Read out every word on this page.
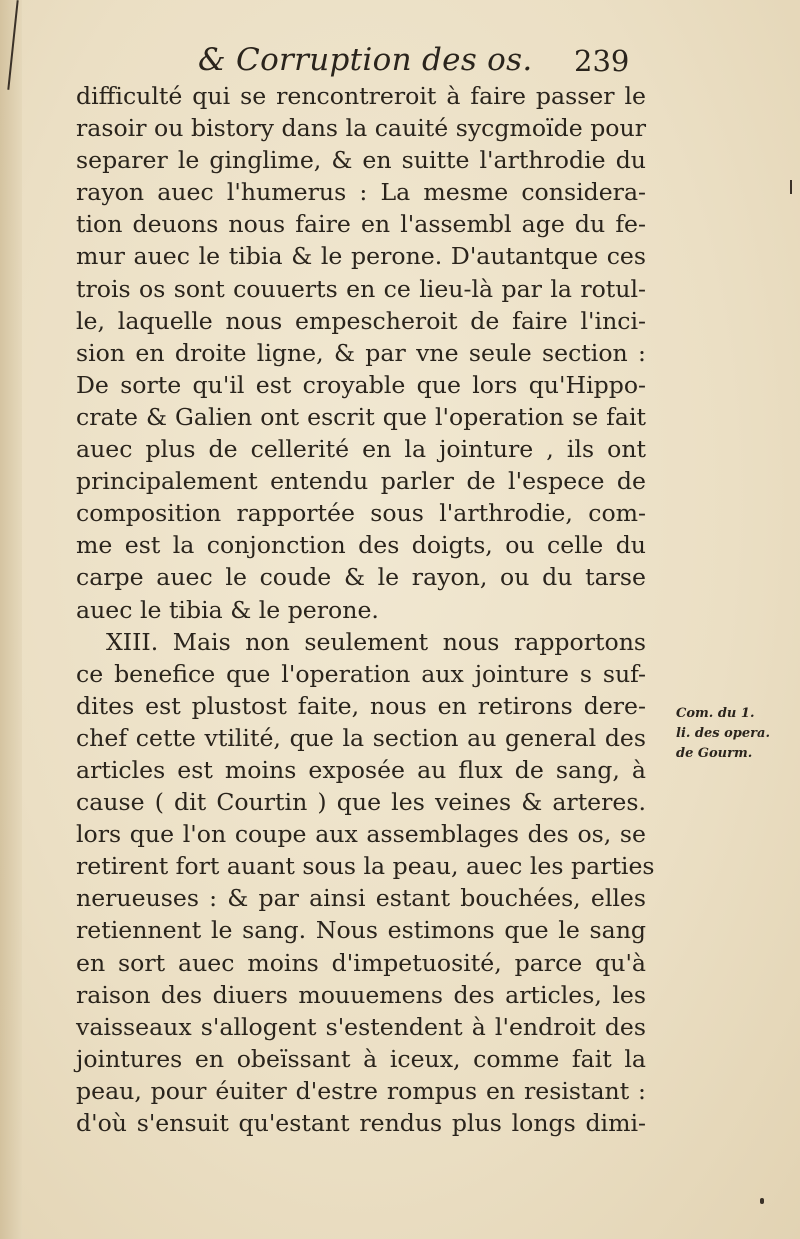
& Corruption des os. 239
difficulté qui se rencontreroit à faire passer le
rasoir ou bistory dans la cauité sycgmoïde pour
separer le ginglime, & en suitte l'arthrodie du
rayon auec l'humerus : La mesme considera-
tion deuons nous faire en l'assembl age du fe-
mur auec le tibia & le perone. D'autantque ces
trois os sont couuerts en ce lieu-là par la rotul-
le, laquelle nous empescheroit de faire l'inci-
sion en droite ligne, & par vne seule section :
De sorte qu'il est croyable que lors qu'Hippo-
crate & Galien ont escrit que l'operation se fait
auec plus de cellerité en la jointure , ils ont
principalement entendu parler de l'espece de
composition rapportée sous l'arthrodie, com-
me est la conjonction des doigts, ou celle du
carpe auec le coude & le rayon, ou du tarse
auec le tibia & le perone.
XIII. Mais non seulement nous rapportons
ce benefice que l'operation aux jointure s suf-
dites est plustost faite, nous en retirons dere-
chef cette vtilité, que la section au general des
articles est moins exposée au flux de sang, à
cause ( dit Courtin ) que les veines & arteres.
lors que l'on coupe aux assemblages des os, se
retirent fort auant sous la peau, auec les parties
nerueuses : & par ainsi estant bouchées, elles
retiennent le sang. Nous estimons que le sang
en sort auec moins d'impetuosité, parce qu'à
raison des diuers mouuemens des articles, les
vaisseaux s'allogent s'estendent à l'endroit des
jointures en obeïssant à iceux, comme fait la
peau, pour éuiter d'estre rompus en resistant :
d'où s'ensuit qu'estant rendus plus longs dimi-
Com. du 1.
li. des opera.
de Gourm.
